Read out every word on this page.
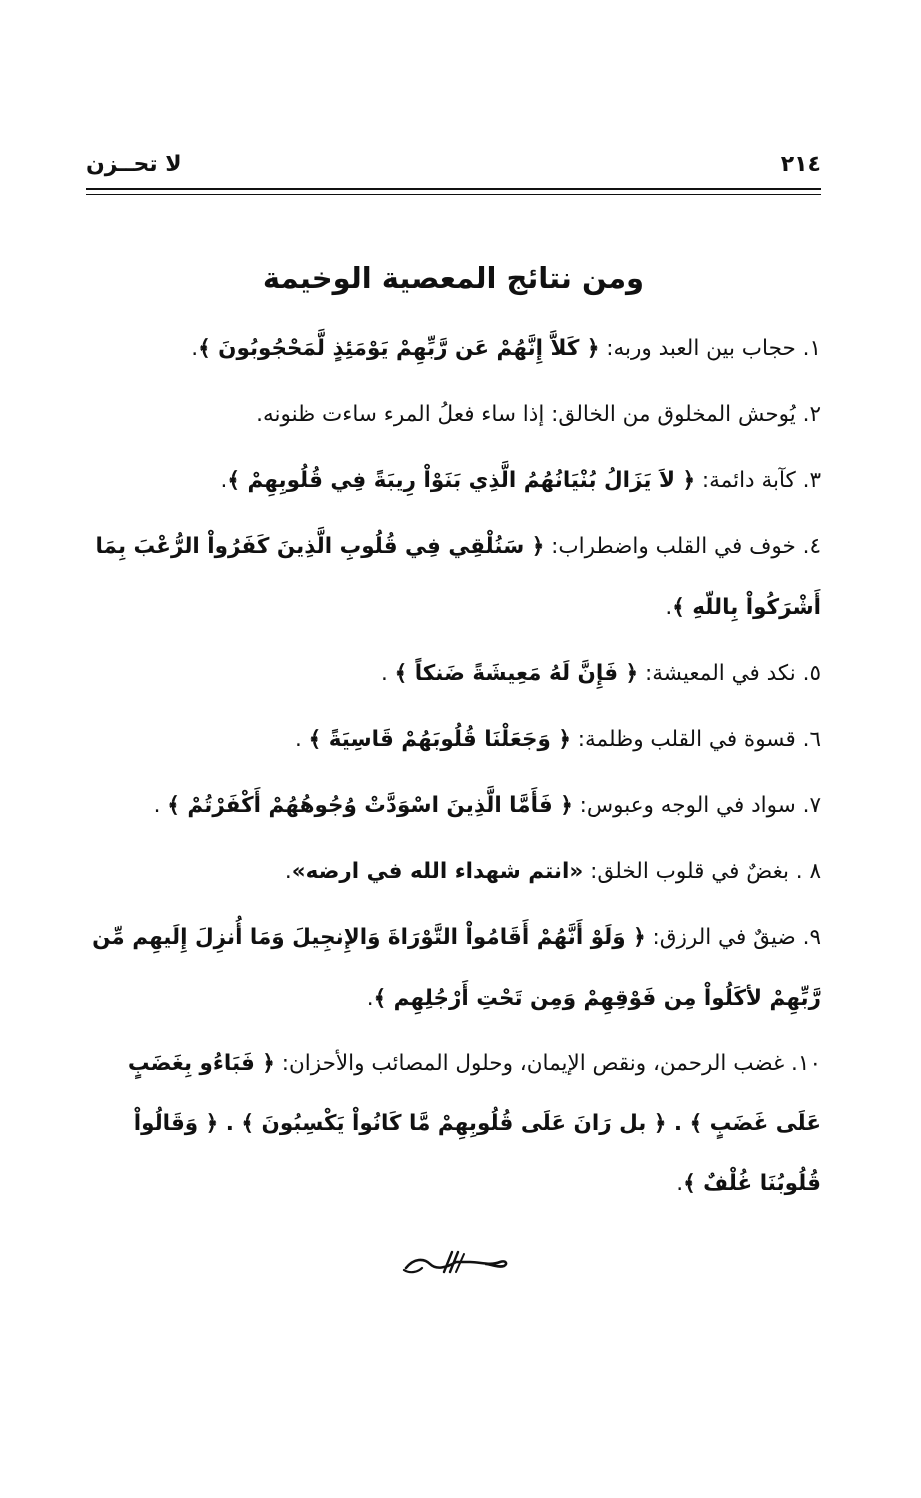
٢١٤
لا تحــزن
ومن نتائج المعصية الوخيمة

١. حجاب بين العبد وربه: ﴿ كَلاَّ إِنَّهُمْ عَن رَّبِّهِمْ يَوْمَئِذٍ لَّمَحْجُوبُونَ ﴾.

٢. يُوحش المخلوق من الخالق: إذا ساء فعلُ المرء ساءت ظنونه.

٣. كآبة دائمة: ﴿ لاَ يَزَالُ بُنْيَانُهُمُ الَّذِي بَنَوْاْ رِيبَةً فِي قُلُوبِهِمْ ﴾.

٤. خوف في القلب واضطراب: ﴿ سَنُلْقِي فِي قُلُوبِ الَّذِينَ كَفَرُواْ الرُّعْبَ بِمَا أَشْرَكُواْ بِاللّهِ ﴾.

٥. نكد في المعيشة: ﴿ فَإِنَّ لَهُ مَعِيشَةً ضَنكاً ﴾ .

٦. قسوة في القلب وظلمة: ﴿ وَجَعَلْنَا قُلُوبَهُمْ قَاسِيَةً ﴾ .

٧. سواد في الوجه وعبوس: ﴿ فَأَمَّا الَّذِينَ اسْوَدَّتْ وُجُوهُهُمْ أَكْفَرْتُمْ ﴾ .

٨ . بغضٌ في قلوب الخلق: «انتم شهداء الله في ارضه».

٩. ضيقٌ في الرزق: ﴿ وَلَوْ أَنَّهُمْ أَقَامُواْ التَّوْرَاةَ وَالإِنجِيلَ وَمَا أُنزِلَ إِلَيهِم مِّن رَّبِّهِمْ لأكَلُواْ مِن فَوْقِهِمْ وَمِن تَحْتِ أَرْجُلِهِم ﴾.

١٠. غضب الرحمن، ونقص الإيمان، وحلول المصائب والأحزان: ﴿ فَبَاءُو بِغَضَبٍ عَلَى غَضَبٍ ﴾ . ﴿ بل رَانَ عَلَى قُلُوبِهِمْ مَّا كَانُواْ يَكْسِبُونَ ﴾ . ﴿ وَقَالُواْ قُلُوبُنَا غُلْفٌ ﴾.
